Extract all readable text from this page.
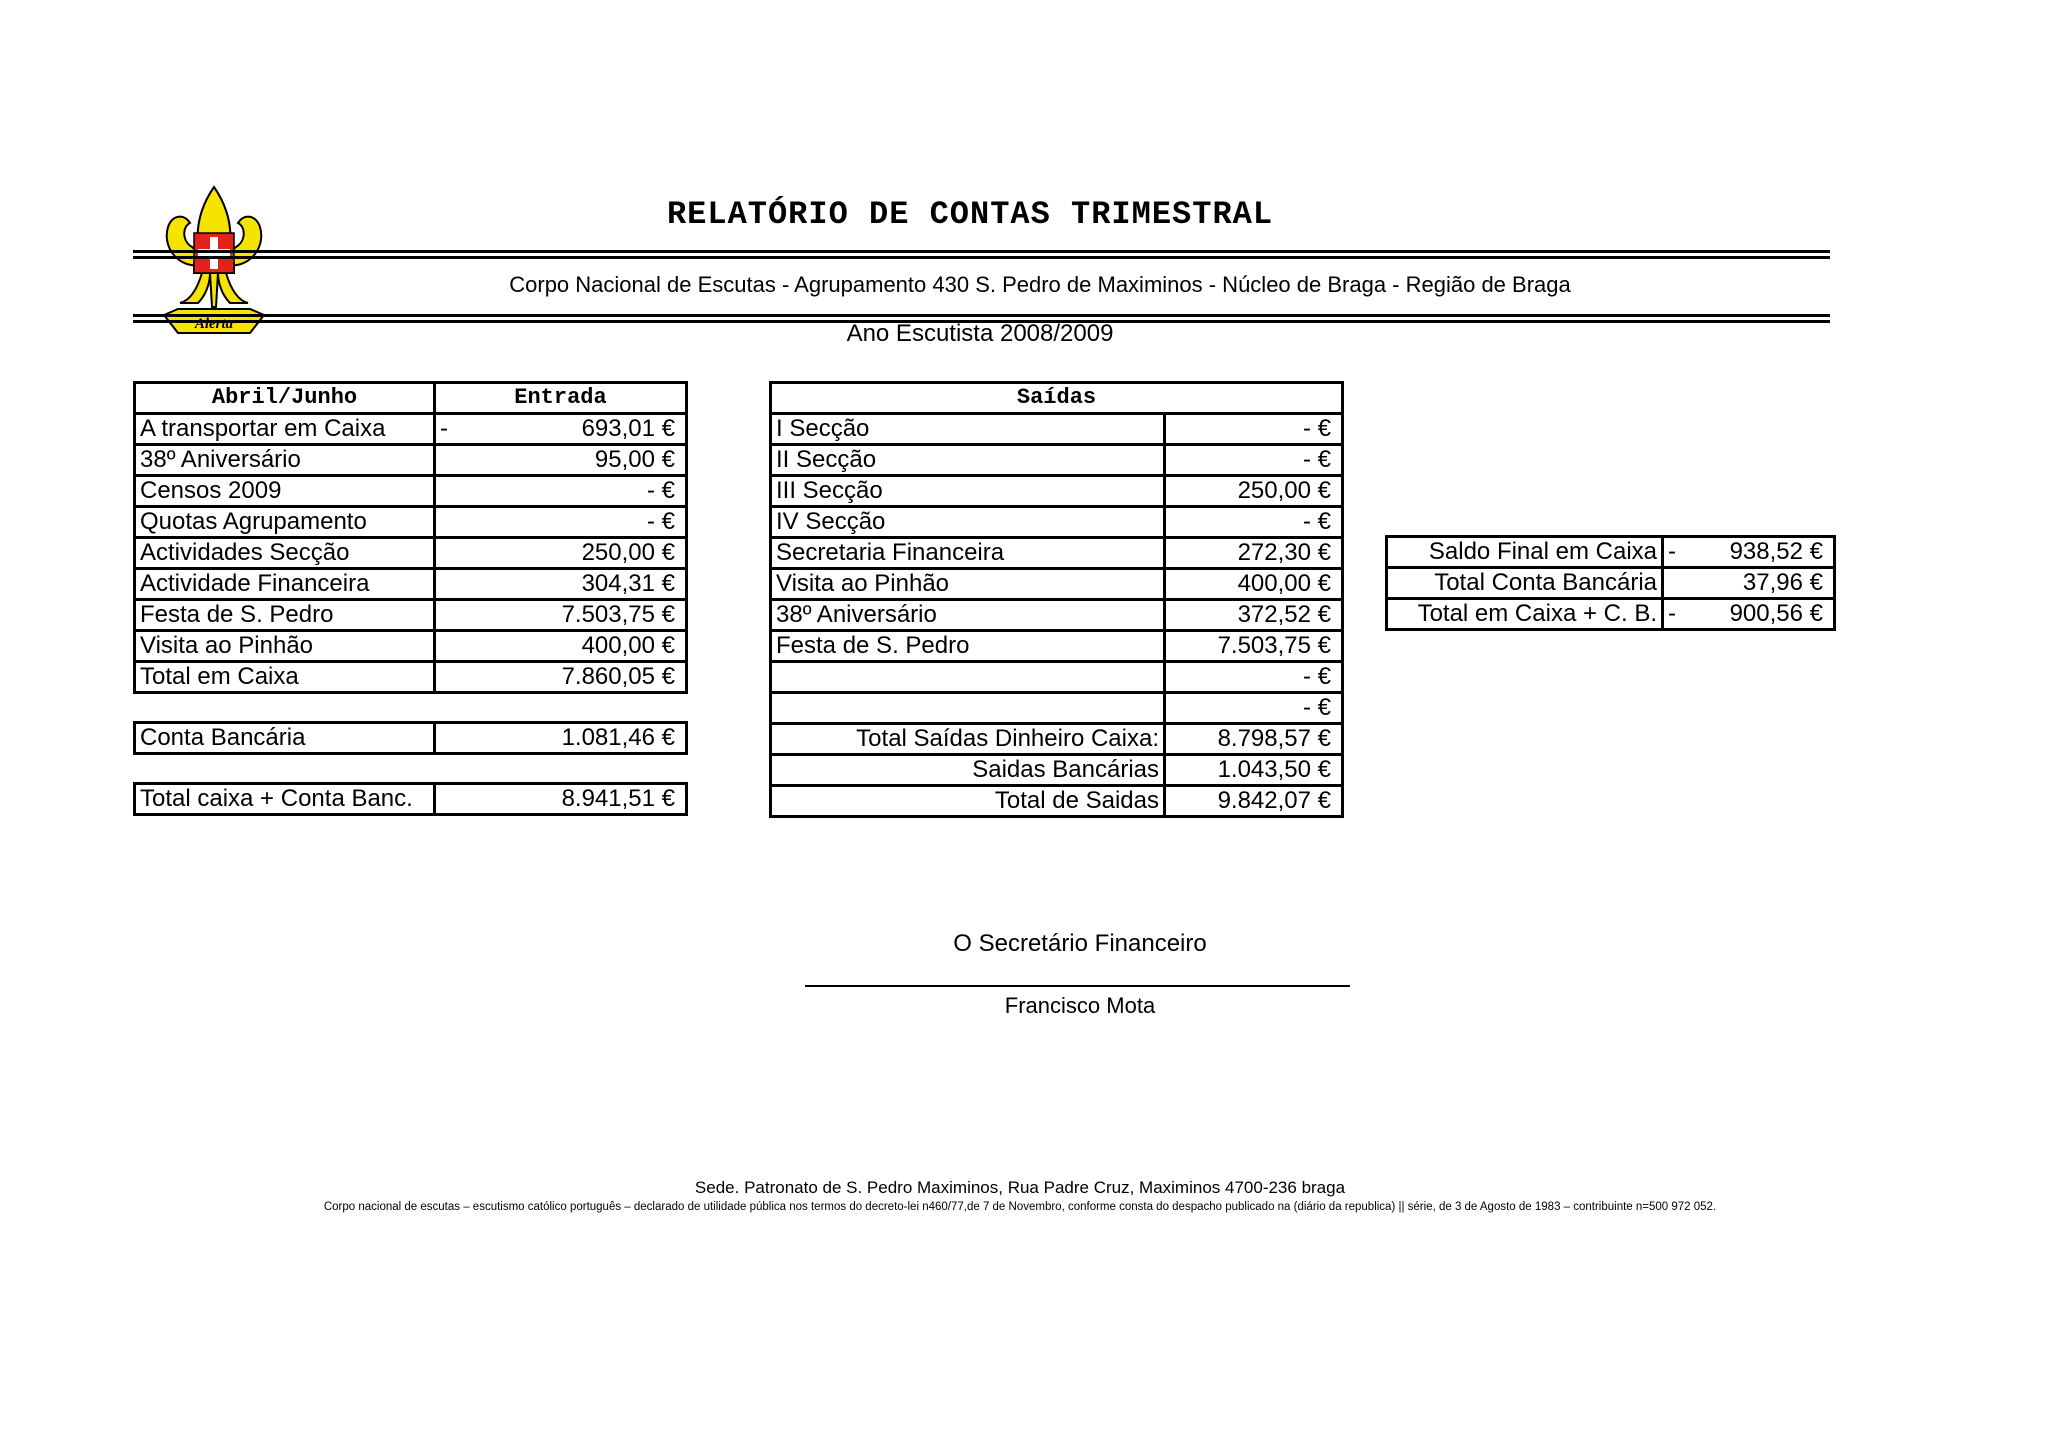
Alerta
RELATÓRIO DE CONTAS TRIMESTRAL
Corpo Nacional de Escutas - Agrupamento 430 S. Pedro de Maximinos - Núcleo de Braga - Região de Braga
Ano Escutista 2008/2009
Abril/Junho	Entrada
A transportar em Caixa	- 693,01 €
38º Aniversário	95,00 €
Censos 2009	- €
Quotas Agrupamento	- €
Actividades Secção	250,00 €
Actividade Financeira	304,31 €
Festa de S. Pedro	7.503,75 €
Visita ao Pinhão	400,00 €
Total em Caixa	7.860,05 €

Conta Bancária	1.081,46 €

Total caixa + Conta Banc.	8.941,51 €
Saídas	
I Secção	- €
II Secção	- €
III Secção	250,00 €
IV Secção	- €
Secretaria Financeira	272,30 €
Visita ao Pinhão	400,00 €
38º Aniversário	372,52 €
Festa de S. Pedro	7.503,75 €
	- €
	- €
Total Saídas Dinheiro Caixa:	8.798,57 €
Saidas Bancárias	1.043,50 €
Total de Saidas	9.842,07 €
Saldo Final em Caixa	- 938,52 €
Total Conta Bancária	37,96 €
Total em Caixa + C. B.	- 900,56 €
O Secretário Financeiro
Francisco Mota
Sede. Patronato de S. Pedro Maximinos, Rua Padre Cruz, Maximinos 4700-236 braga
Corpo nacional de escutas – escutismo católico português – declarado de utilidade pública nos termos do decreto-lei n460/77,de 7 de Novembro, conforme consta do despacho publicado na (diário da republica) || série, de 3 de Agosto de 1983 – contribuinte n=500 972 052.
